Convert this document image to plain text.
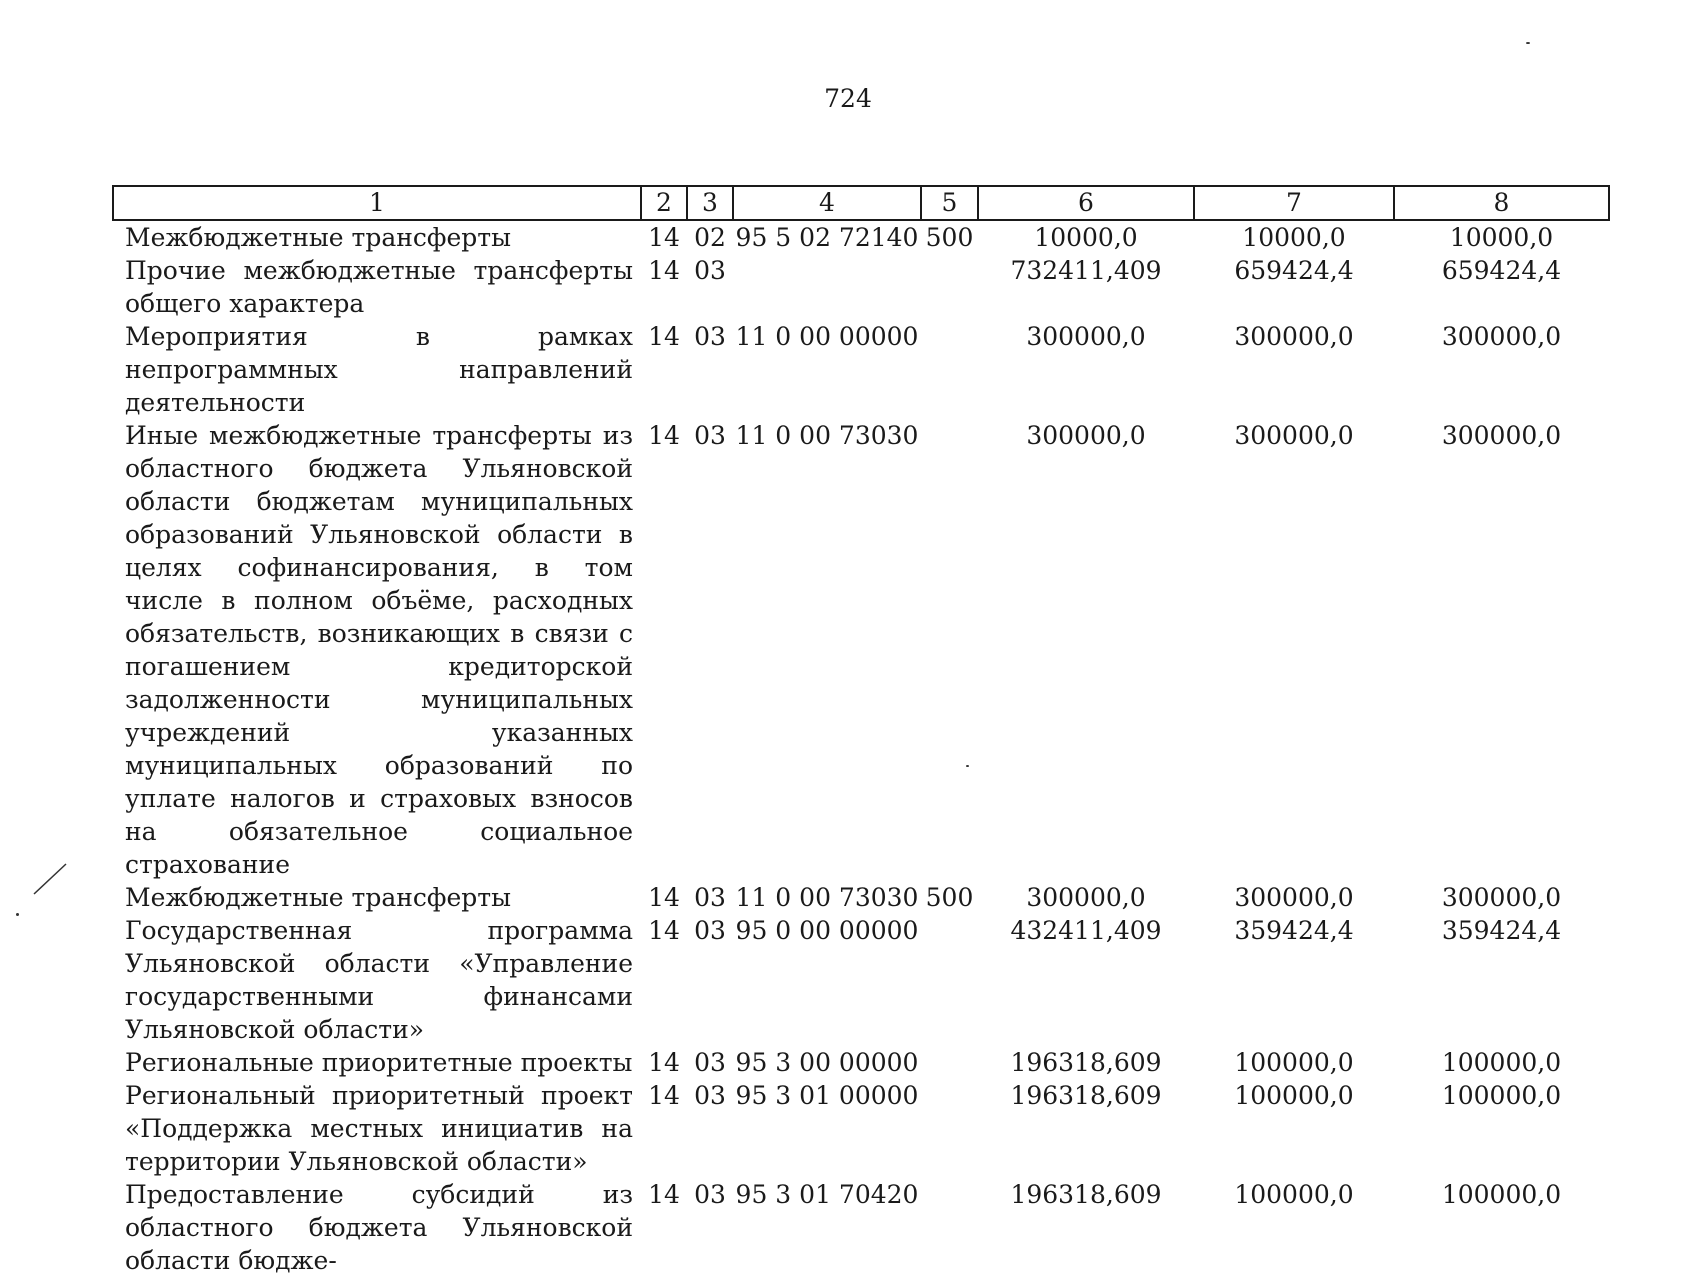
724
1	2	3	4	5	6	7	8
Межбюджетные трансферты	14	02	95 5 02 72140	500	10000,0	10000,0	10000,0
Прочие межбюджетные трансферты общего характера	14	03			732411,409	659424,4	659424,4
Мероприятия в рамках непрограммных направлений деятельности	14	03	11 0 00 00000		300000,0	300000,0	300000,0
Иные межбюджетные трансферты из областного бюджета Ульяновской области бюджетам муниципальных образований Ульяновской области в целях софинансирования, в том числе в полном объёме, расходных обязательств, возникающих в связи с погашением кредиторской задолженности муниципальных учреждений указанных муниципальных образований по уплате налогов и страховых взносов на обязательное социальное страхование	14	03	11 0 00 73030		300000,0	300000,0	300000,0
Межбюджетные трансферты	14	03	11 0 00 73030	500	300000,0	300000,0	300000,0
Государственная программа Ульяновской области «Управление государственными финансами Ульяновской области»	14	03	95 0 00 00000		432411,409	359424,4	359424,4
Региональные приоритетные проекты	14	03	95 3 00 00000		196318,609	100000,0	100000,0
Региональный приоритетный проект «Поддержка местных инициатив на территории Ульяновской области»	14	03	95 3 01 00000		196318,609	100000,0	100000,0
Предоставление субсидий из областного бюджета Ульяновской области бюдже-	14	03	95 3 01 70420		196318,609	100000,0	100000,0
